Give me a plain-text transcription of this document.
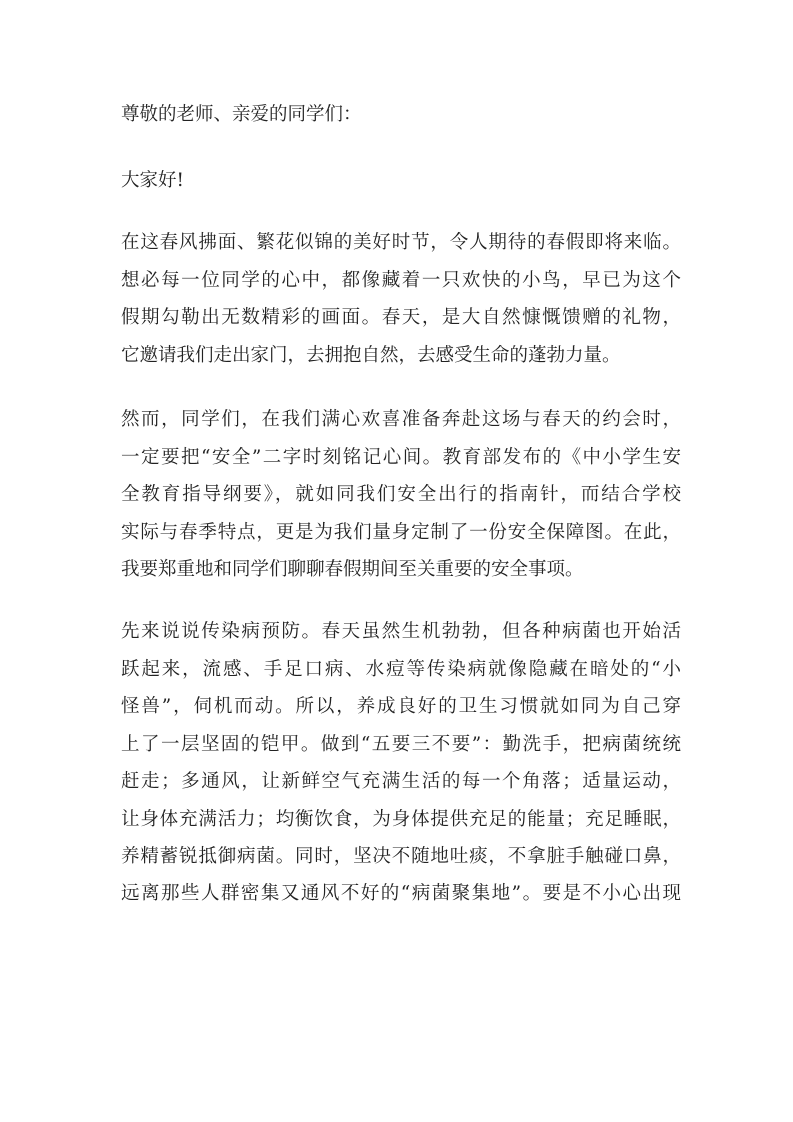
尊敬的老师、亲爱的同学们：
大家好!
在这春风拂面、繁花似锦的美好时节，令人期待的春假即将来临。
想必每一位同学的心中，都像藏着一只欢快的小鸟，早已为这个
假期勾勒出无数精彩的画面。春天，是大自然慷慨馈赠的礼物，
它邀请我们走出家门，去拥抱自然，去感受生命的蓬勃力量。
然而，同学们，在我们满心欢喜准备奔赴这场与春天的约会时，
一定要把“安全”二字时刻铭记心间。教育部发布的《中小学生安
全教育指导纲要》，就如同我们安全出行的指南针，而结合学校
实际与春季特点，更是为我们量身定制了一份安全保障图。在此，
我要郑重地和同学们聊聊春假期间至关重要的安全事项。
先来说说传染病预防。春天虽然生机勃勃，但各种病菌也开始活
跃起来，流感、手足口病、水痘等传染病就像隐藏在暗处的“小
怪兽”，伺机而动。所以，养成良好的卫生习惯就如同为自己穿
上了一层坚固的铠甲。做到“五要三不要”：勤洗手，把病菌统统
赶走；多通风，让新鲜空气充满生活的每一个角落；适量运动，
让身体充满活力；均衡饮食，为身体提供充足的能量；充足睡眠，
养精蓄锐抵御病菌。同时，坚决不随地吐痰，不拿脏手触碰口鼻，
远离那些人群密集又通风不好的“病菌聚集地”。要是不小心出现
